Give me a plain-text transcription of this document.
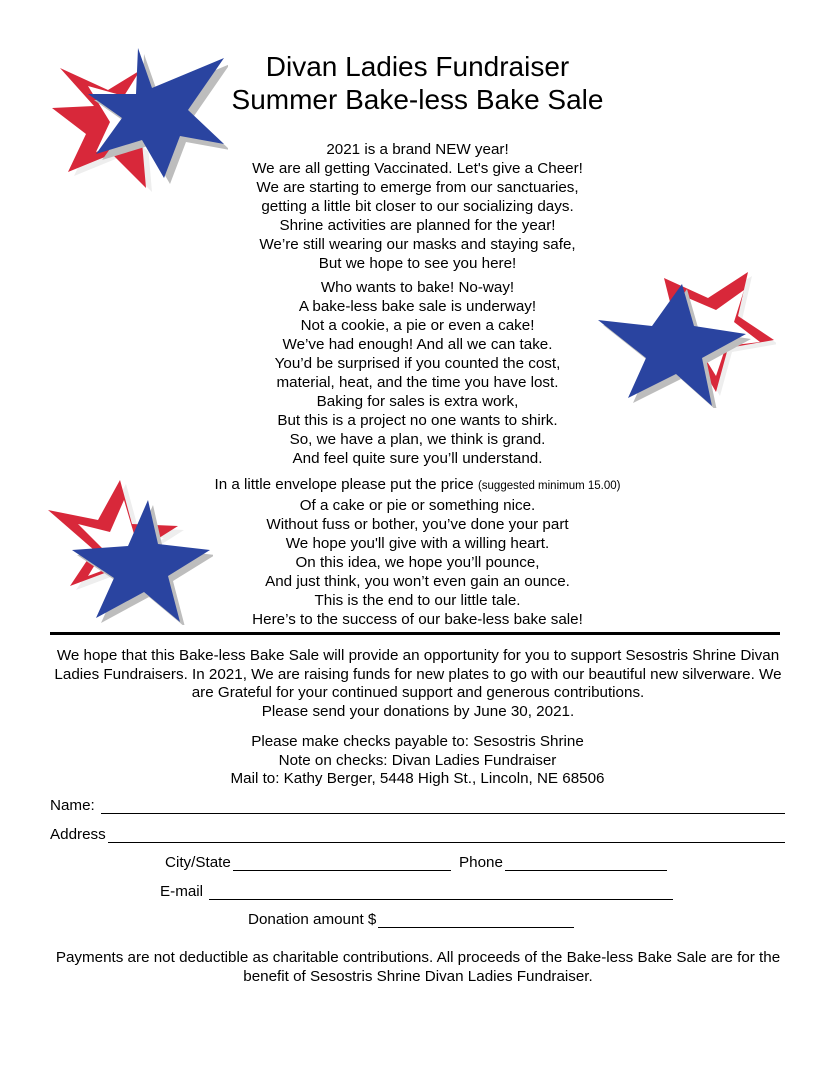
Divan Ladies Fundraiser
Summer Bake-less Bake Sale
2021 is a brand NEW year!
We are all getting Vaccinated. Let's give a Cheer!
We are starting to emerge from our sanctuaries,
getting a little bit closer to our socializing days.
Shrine activities are planned for the year!
We’re still wearing our masks and staying safe,
But we hope to see you here!
Who wants to bake! No-way!
A bake-less bake sale is underway!
Not a cookie, a pie or even a cake!
We’ve had enough! And all we can take.
You’d be surprised if you counted the cost,
material, heat, and the time you have lost.
Baking for sales is extra work,
But this is a project no one wants to shirk.
So, we have a plan, we think is grand.
And feel quite sure you’ll understand.
In a little envelope please put the price (suggested minimum 15.00)
Of a cake or pie or something nice.
Without fuss or bother, you’ve done your part
We hope you'll give with a willing heart.
On this idea, we hope you’ll pounce,
And just think, you won’t even gain an ounce.
This is the end to our little tale.
Here’s to the success of our bake-less bake sale!
We hope that this Bake-less Bake Sale will provide an opportunity for you to support Sesostris Shrine Divan Ladies Fundraisers. In 2021, We are raising funds for new plates to go with our beautiful new silverware. We are Grateful for your continued support and generous contributions.
Please send your donations by June 30, 2021.
Please make checks payable to: Sesostris Shrine
Note on checks: Divan Ladies Fundraiser
Mail to: Kathy Berger, 5448 High St., Lincoln, NE 68506
Name:
Address
City/State	Phone
E-mail
Donation amount $
Payments are not deductible as charitable contributions. All proceeds of the Bake-less Bake Sale are for the benefit of Sesostris Shrine Divan Ladies Fundraiser.
